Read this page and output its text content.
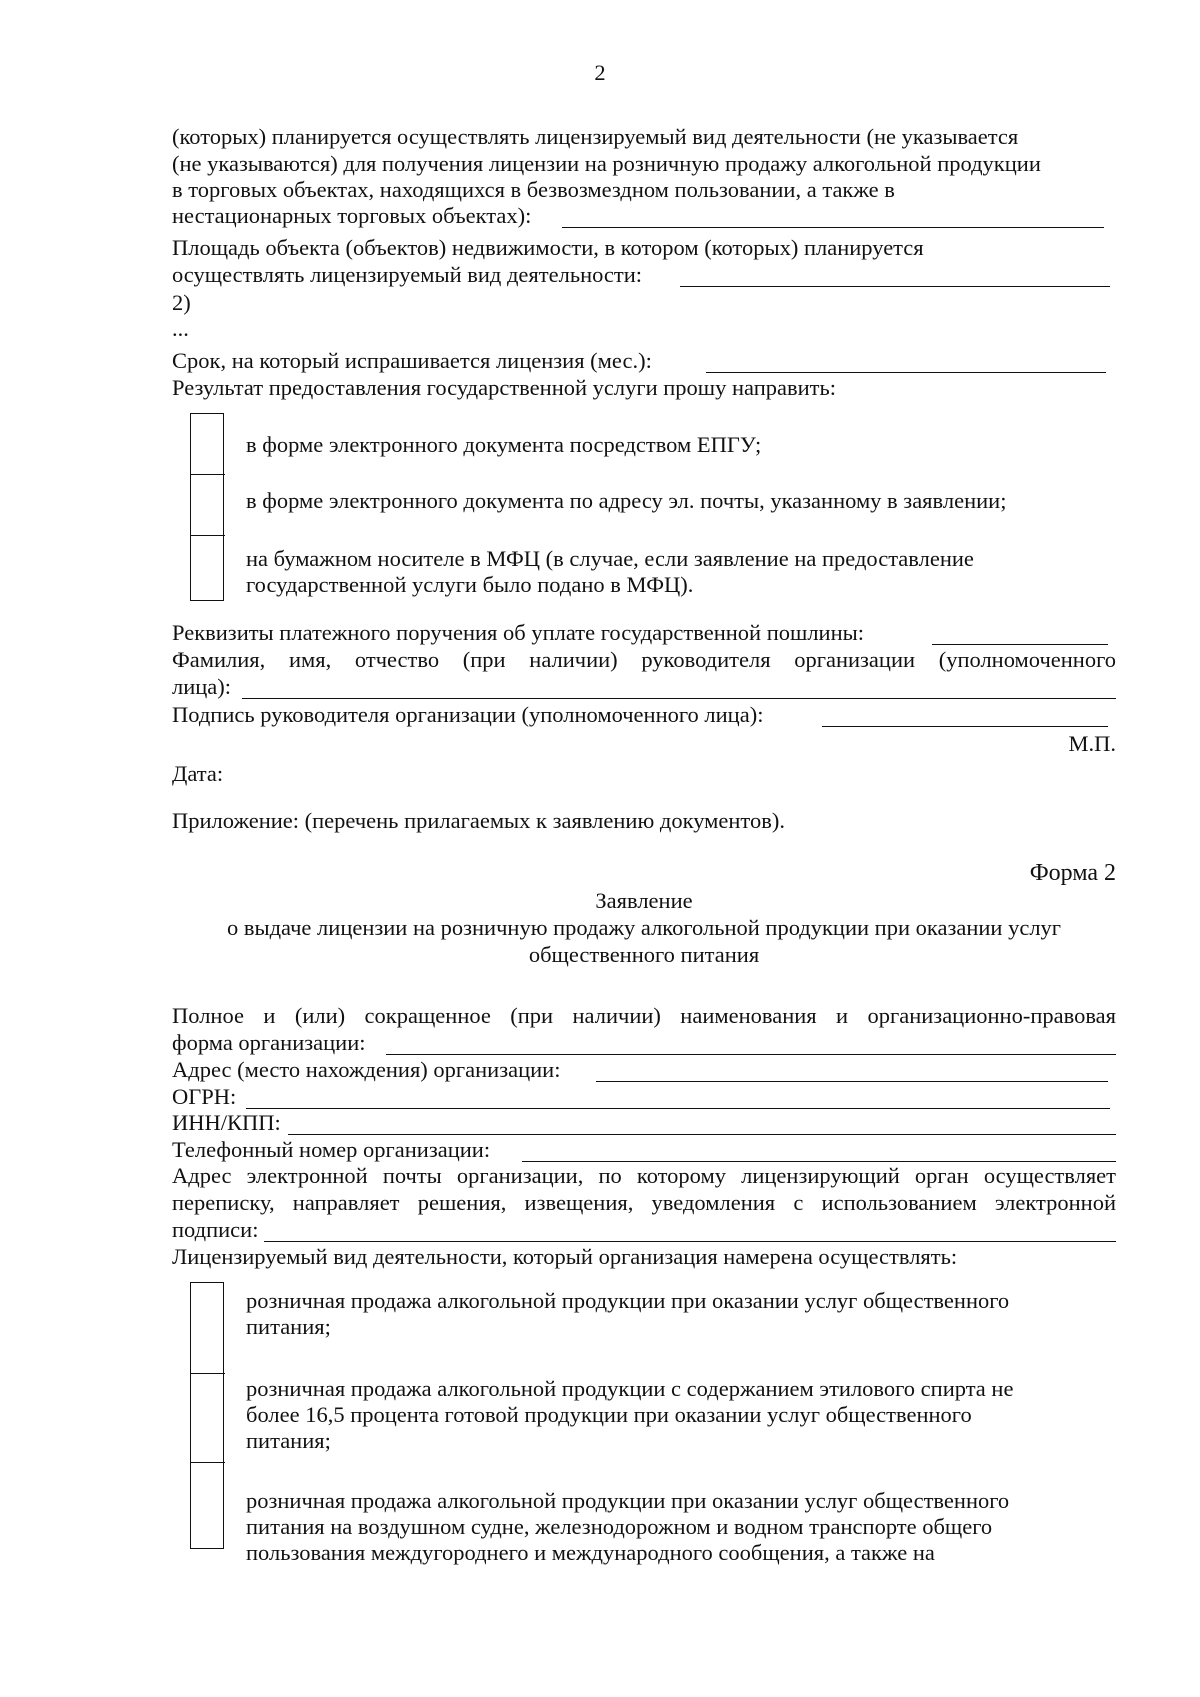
2
(которых) планируется осуществлять лицензируемый вид деятельности (не указывается
(не указываются) для получения лицензии на розничную продажу алкогольной продукции
в торговых объектах, находящихся в безвозмездном пользовании, а также в
нестационарных торговых объектах):
Площадь объекта (объектов) недвижимости, в котором (которых) планируется
осуществлять лицензируемый вид деятельности:
2)
...
Срок, на который испрашивается лицензия (мес.):
Результат предоставления государственной услуги прошу направить:
в форме электронного документа посредством ЕПГУ;
в форме электронного документа по адресу эл. почты, указанному в заявлении;
на бумажном носителе в МФЦ (в случае, если заявление на предоставление
государственной услуги было подано в МФЦ).
Реквизиты платежного поручения об уплате государственной пошлины:
Фамилия, имя, отчество (при наличии) руководителя организации (уполномоченного
лица):
Подпись руководителя организации (уполномоченного лица):
М.П.
Дата:
Приложение: (перечень прилагаемых к заявлению документов).
Форма 2
Заявление
о выдаче лицензии на розничную продажу алкогольной продукции при оказании услуг
общественного питания
Полное и (или) сокращенное (при наличии) наименования и организационно-правовая
форма организации:
Адрес (место нахождения) организации:
ОГРН:
ИНН/КПП:
Телефонный номер организации:
Адрес электронной почты организации, по которому лицензирующий орган осуществляет
переписку, направляет решения, извещения, уведомления с использованием электронной
подписи:
Лицензируемый вид деятельности, который организация намерена осуществлять:
розничная продажа алкогольной продукции при оказании услуг общественного
питания;
розничная продажа алкогольной продукции с содержанием этилового спирта не
более 16,5 процента готовой продукции при оказании услуг общественного
питания;
розничная продажа алкогольной продукции при оказании услуг общественного
питания на воздушном судне, железнодорожном и водном транспорте общего
пользования междугороднего и международного сообщения, а также на
